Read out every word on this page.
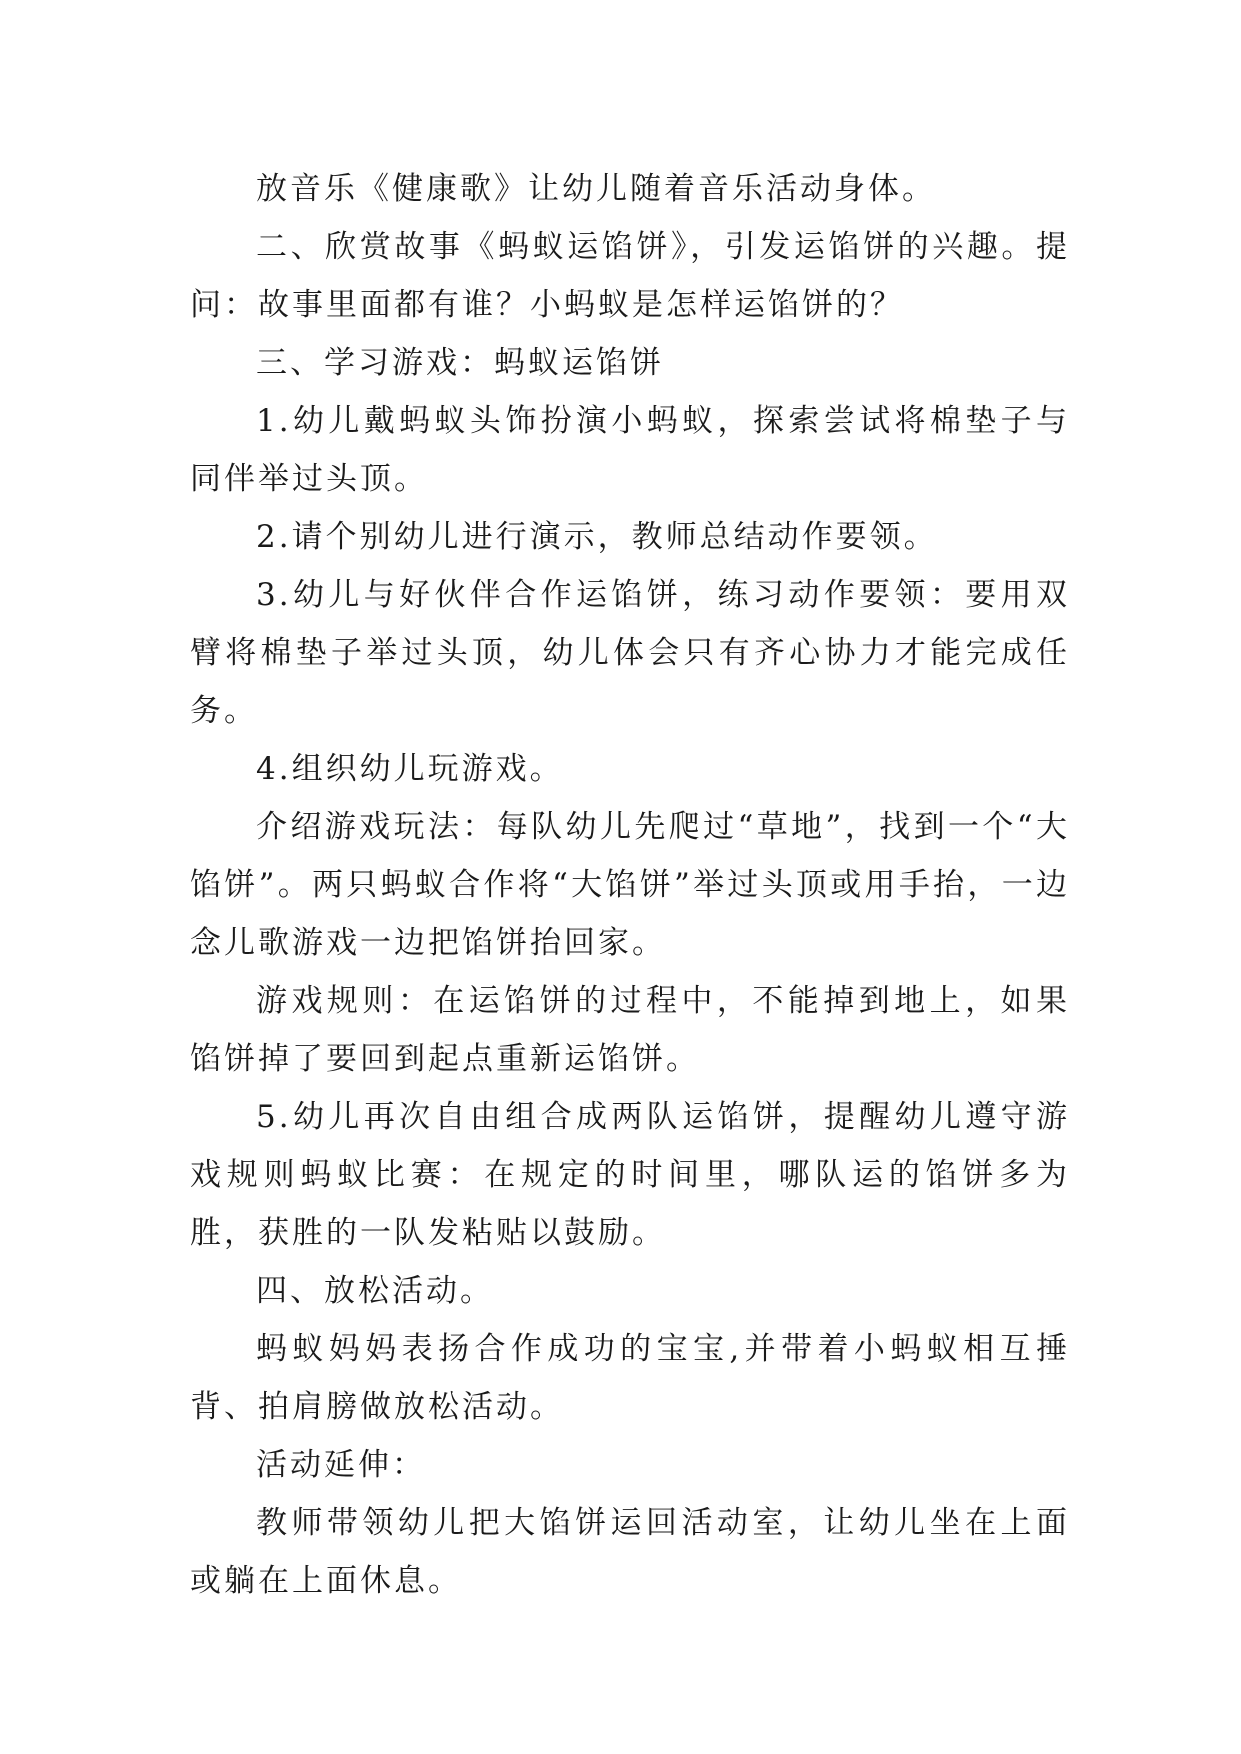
放音乐《健康歌》让幼儿随着音乐活动身体。

二、欣赏故事《蚂蚁运馅饼》，引发运馅饼的兴趣。提问：故事里面都有谁？小蚂蚁是怎样运馅饼的？

三、学习游戏：蚂蚁运馅饼

1.幼儿戴蚂蚁头饰扮演小蚂蚁，探索尝试将棉垫子与同伴举过头顶。

2.请个别幼儿进行演示，教师总结动作要领。

3.幼儿与好伙伴合作运馅饼，练习动作要领：要用双臂将棉垫子举过头顶，幼儿体会只有齐心协力才能完成任务。

4.组织幼儿玩游戏。

介绍游戏玩法：每队幼儿先爬过“草地”，找到一个“大馅饼”。两只蚂蚁合作将“大馅饼”举过头顶或用手抬，一边念儿歌游戏一边把馅饼抬回家。

游戏规则：在运馅饼的过程中，不能掉到地上，如果馅饼掉了要回到起点重新运馅饼。

5.幼儿再次自由组合成两队运馅饼，提醒幼儿遵守游戏规则蚂蚁比赛：在规定的时间里，哪队运的馅饼多为胜，获胜的一队发粘贴以鼓励。

四、放松活动。

蚂蚁妈妈表扬合作成功的宝宝,并带着小蚂蚁相互捶背、拍肩膀做放松活动。

活动延伸：

教师带领幼儿把大馅饼运回活动室，让幼儿坐在上面或躺在上面休息。
